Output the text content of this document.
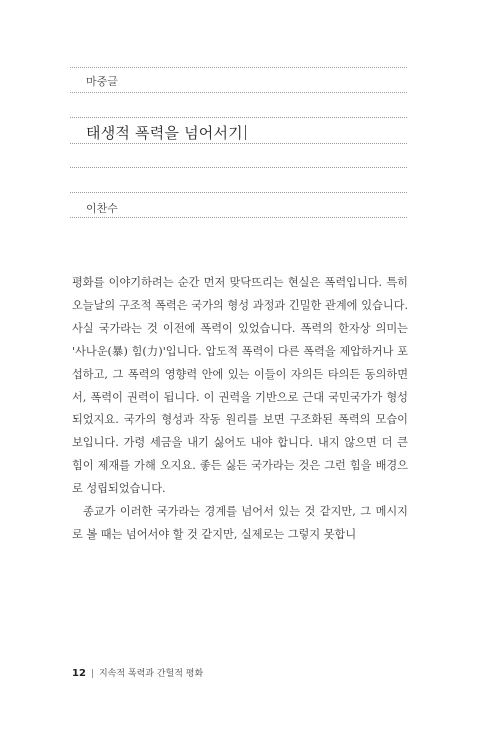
마중글
태생적 폭력을 넘어서기
이찬수

평화를 이야기하려는 순간 먼저 맞닥뜨리는 현실은 폭력입니다. 특히 오늘날의 구조적 폭력은 국가의 형성 과정과 긴밀한 관계에 있습니다. 사실 국가라는 것 이전에 폭력이 있었습니다. 폭력의 한자상 의미는 '사나운(暴) 힘(力)'입니다. 압도적 폭력이 다른 폭력을 제압하거나 포섭하고, 그 폭력의 영향력 안에 있는 이들이 자의든 타의든 동의하면서, 폭력이 권력이 됩니다. 이 권력을 기반으로 근대 국민국가가 형성되었지요. 국가의 형성과 작동 원리를 보면 구조화된 폭력의 모습이 보입니다. 가령 세금을 내기 싫어도 내야 합니다. 내지 않으면 더 큰 힘이 제재를 가해 오지요. 좋든 싫든 국가라는 것은 그런 힘을 배경으로 성립되었습니다.

종교가 이러한 국가라는 경계를 넘어서 있는 것 같지만, 그 메시지로 볼 때는 넘어서야 할 것 같지만, 실제로는 그렇지 못합니

12 | 지속적 폭력과 간헐적 평화
